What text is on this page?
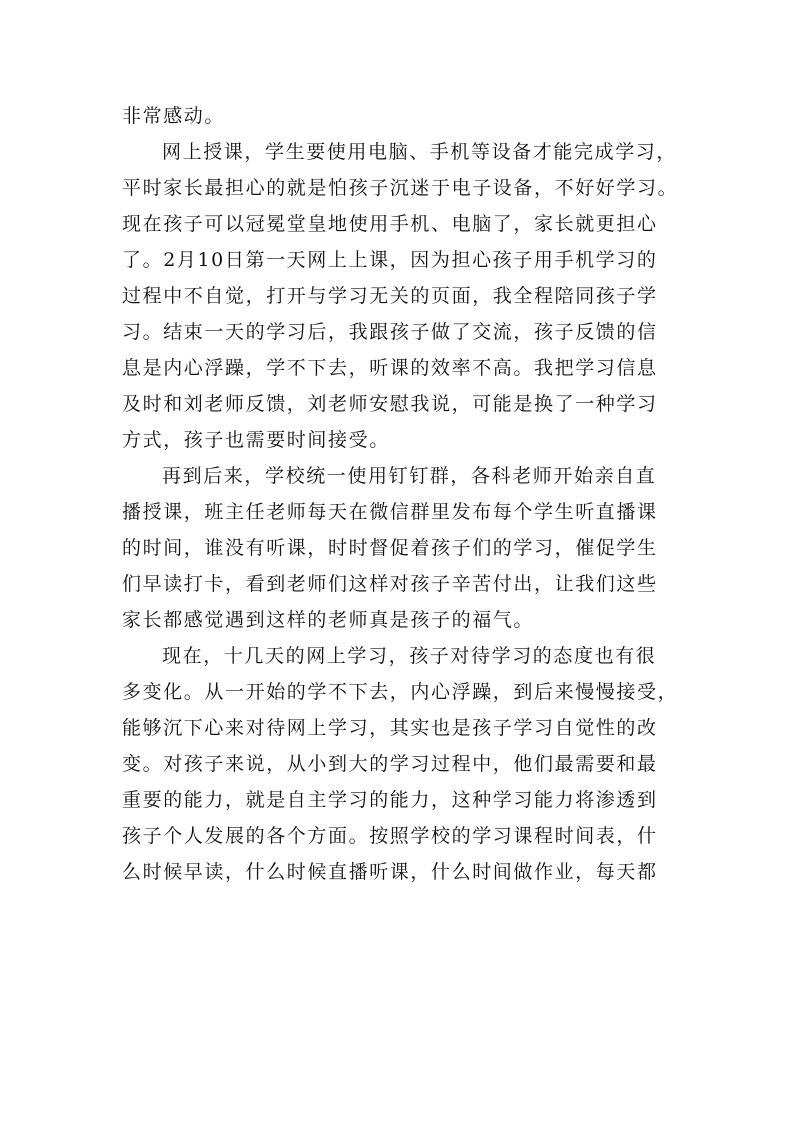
非常感动。
网上授课，学生要使用电脑、手机等设备才能完成学习，
平时家长最担心的就是怕孩子沉迷于电子设备，不好好学习。
现在孩子可以冠冕堂皇地使用手机、电脑了，家长就更担心
了。2月10日第一天网上上课，因为担心孩子用手机学习的
过程中不自觉，打开与学习无关的页面，我全程陪同孩子学
习。结束一天的学习后，我跟孩子做了交流，孩子反馈的信
息是内心浮躁，学不下去，听课的效率不高。我把学习信息
及时和刘老师反馈，刘老师安慰我说，可能是换了一种学习
方式，孩子也需要时间接受。
再到后来，学校统一使用钉钉群，各科老师开始亲自直
播授课，班主任老师每天在微信群里发布每个学生听直播课
的时间，谁没有听课，时时督促着孩子们的学习，催促学生
们早读打卡，看到老师们这样对孩子辛苦付出，让我们这些
家长都感觉遇到这样的老师真是孩子的福气。
现在，十几天的网上学习，孩子对待学习的态度也有很
多变化。从一开始的学不下去，内心浮躁，到后来慢慢接受，
能够沉下心来对待网上学习，其实也是孩子学习自觉性的改
变。对孩子来说，从小到大的学习过程中，他们最需要和最
重要的能力，就是自主学习的能力，这种学习能力将渗透到
孩子个人发展的各个方面。按照学校的学习课程时间表，什
么时候早读，什么时候直播听课，什么时间做作业，每天都
